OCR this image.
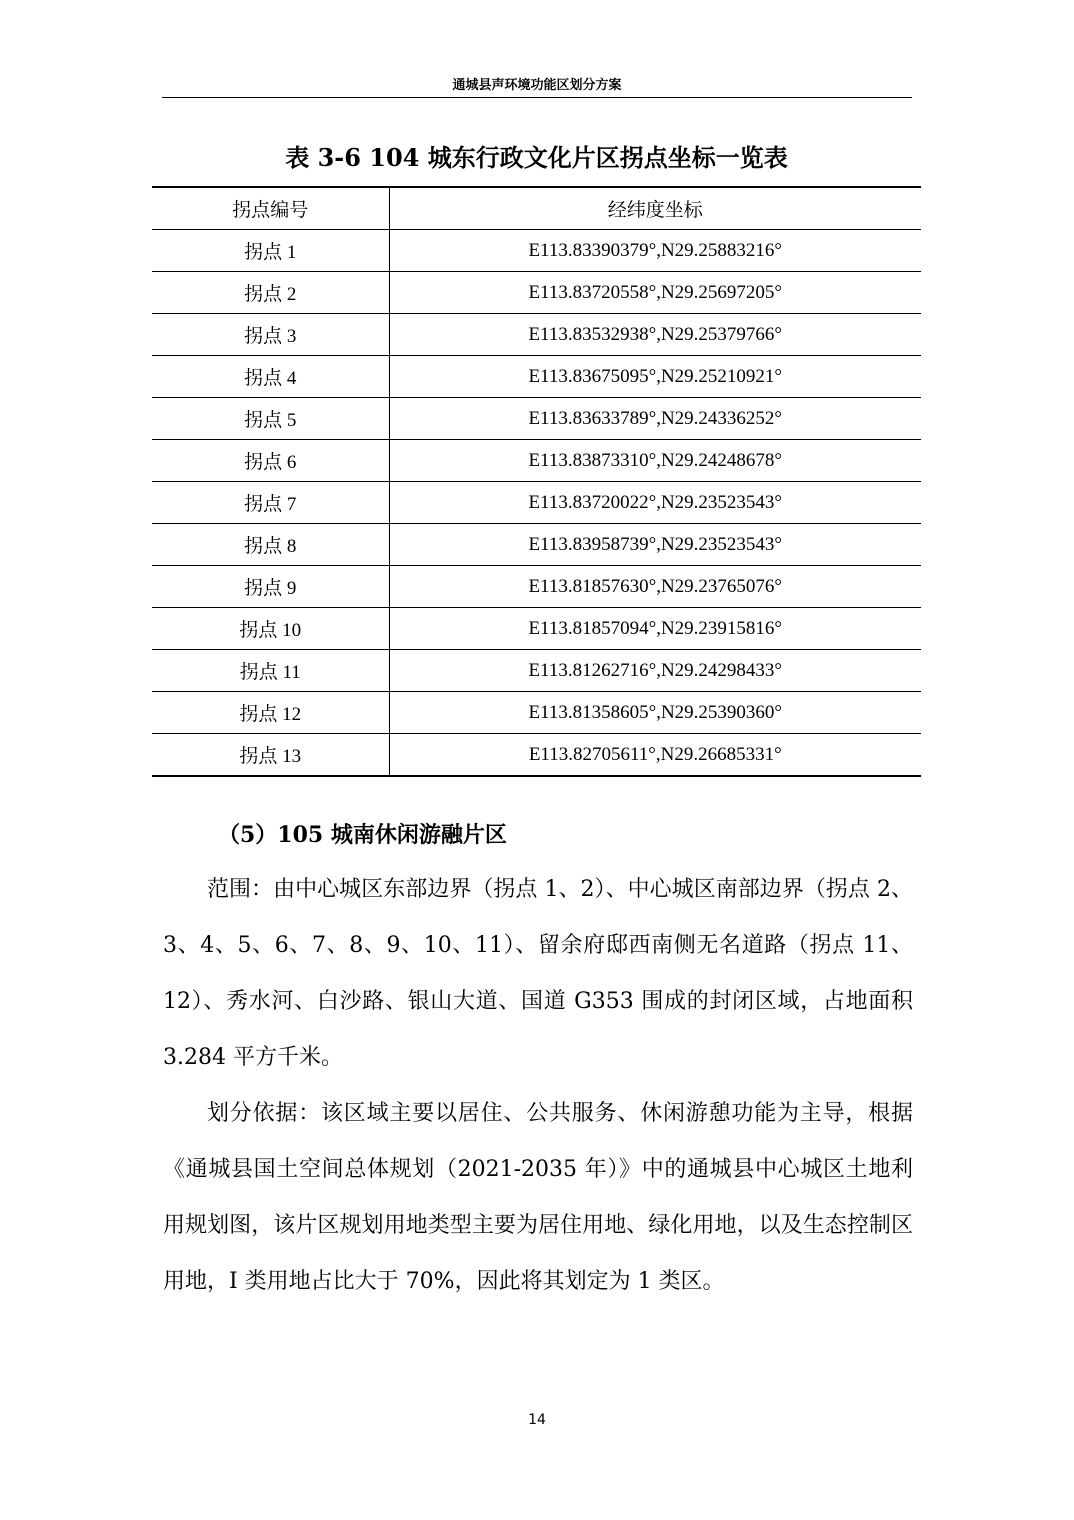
通城县声环境功能区划分方案
表 3-6 104 城东行政文化片区拐点坐标一览表
拐点编号	经纬度坐标
拐点 1	E113.83390379°,N29.25883216°
拐点 2	E113.83720558°,N29.25697205°
拐点 3	E113.83532938°,N29.25379766°
拐点 4	E113.83675095°,N29.25210921°
拐点 5	E113.83633789°,N29.24336252°
拐点 6	E113.83873310°,N29.24248678°
拐点 7	E113.83720022°,N29.23523543°
拐点 8	E113.83958739°,N29.23523543°
拐点 9	E113.81857630°,N29.23765076°
拐点 10	E113.81857094°,N29.23915816°
拐点 11	E113.81262716°,N29.24298433°
拐点 12	E113.81358605°,N29.25390360°
拐点 13	E113.82705611°,N29.26685331°
（5）105 城南休闲游融片区

范围：由中心城区东部边界（拐点 1、2）、中心城区南部边界（拐点 2、3、4、5、6、7、8、9、10、11）、留余府邸西南侧无名道路（拐点 11、12）、秀水河、白沙路、银山大道、国道 G353 围成的封闭区域，占地面积 3.284 平方千米。

划分依据：该区域主要以居住、公共服务、休闲游憩功能为主导，根据《通城县国土空间总体规划（2021-2035 年）》中的通城县中心城区土地利用规划图，该片区规划用地类型主要为居住用地、绿化用地，以及生态控制区用地，I 类用地占比大于 70%，因此将其划定为 1 类区。

14
